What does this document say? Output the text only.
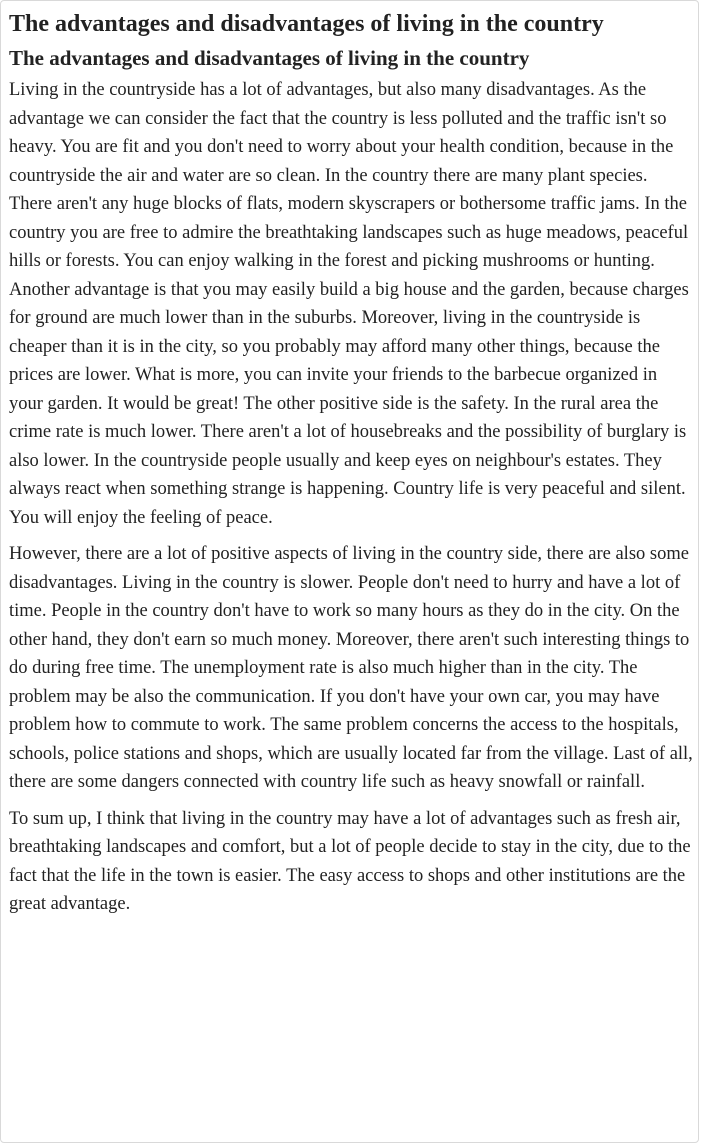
The advantages and disadvantages of living in the country
The advantages and disadvantages of living in the country

Living in the countryside has a lot of advantages, but also many disadvantages. As the advantage we can consider the fact that the country is less polluted and the traffic isn't so heavy. You are fit and you don't need to worry about your health condition, because in the countryside the air and water are so clean. In the country there are many plant species. There aren't any huge blocks of flats, modern skyscrapers or bothersome traffic jams. In the country you are free to admire the breathtaking landscapes such as huge meadows, peaceful hills or forests. You can enjoy walking in the forest and picking mushrooms or hunting. Another advantage is that you may easily build a big house and the garden, because charges for ground are much lower than in the suburbs. Moreover, living in the countryside is cheaper than it is in the city, so you probably may afford many other things, because the prices are lower. What is more, you can invite your friends to the barbecue organized in your garden. It would be great! The other positive side is the safety. In the rural area the crime rate is much lower. There aren't a lot of housebreaks and the possibility of burglary is also lower. In the countryside people usually and keep eyes on neighbour's estates. They always react when something strange is happening. Country life is very peaceful and silent. You will enjoy the feeling of peace.

However, there are a lot of positive aspects of living in the country side, there are also some disadvantages. Living in the country is slower. People don't need to hurry and have a lot of time. People in the country don't have to work so many hours as they do in the city. On the other hand, they don't earn so much money. Moreover, there aren't such interesting things to do during free time. The unemployment rate is also much higher than in the city. The problem may be also the communication. If you don't have your own car, you may have problem how to commute to work. The same problem concerns the access to the hospitals, schools, police stations and shops, which are usually located far from the village. Last of all, there are some dangers connected with country life such as heavy snowfall or rainfall.

To sum up, I think that living in the country may have a lot of advantages such as fresh air, breathtaking landscapes and comfort, but a lot of people decide to stay in the city, due to the fact that the life in the town is easier. The easy access to shops and other institutions are the great advantage.
